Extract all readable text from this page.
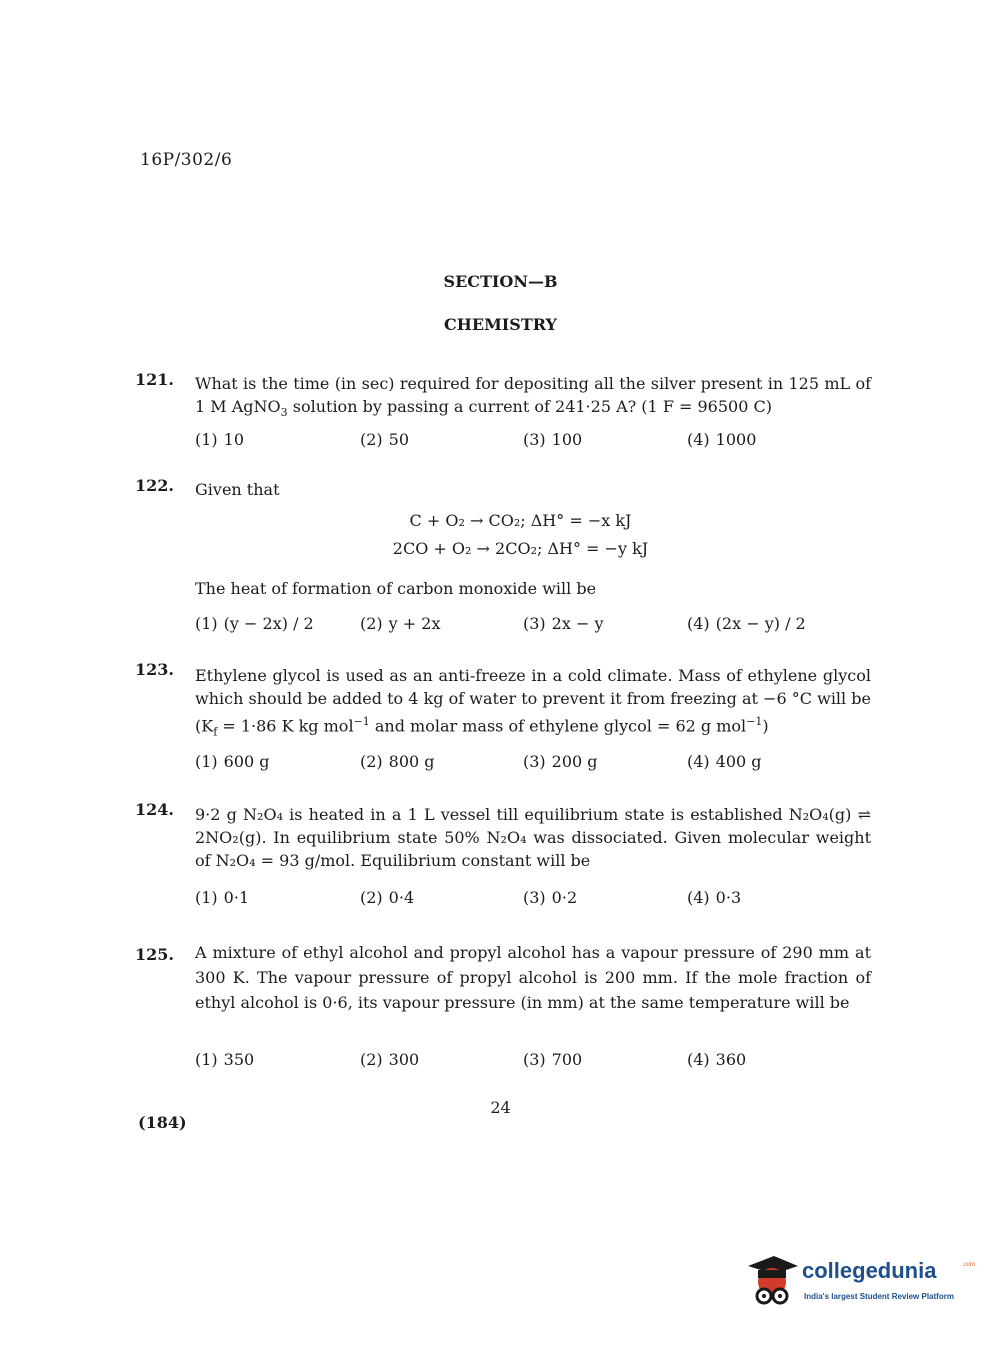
16P/302/6
SECTION—B
CHEMISTRY
121. What is the time (in sec) required for depositing all the silver present in 125 mL of 1 M AgNO$_3$ solution by passing a current of 241·25 A? (1 F = 96500 C)
(1) 10	(2) 50	(3) 100	(4) 1000
122. Given that
C + O₂ → CO₂; ΔH° = −x kJ
2CO + O₂ → 2CO₂; ΔH° = −y kJ
The heat of formation of carbon monoxide will be
(1) (y − 2x) / 2	(2) y + 2x	(3) 2x − y	(4) (2x − y) / 2
123. Ethylene glycol is used as an anti-freeze in a cold climate. Mass of ethylene glycol which should be added to 4 kg of water to prevent it from freezing at −6 °C will be ($K_f = 1\cdot 86$ K kg mol$^{-1}$ and molar mass of ethylene glycol = 62 g mol$^{-1}$)
(1) 600 g	(2) 800 g	(3) 200 g	(4) 400 g
124. 9·2 g N₂O₄ is heated in a 1 L vessel till equilibrium state is established N₂O₄(g) ⇌ 2NO₂(g). In equilibrium state 50% N₂O₄ was dissociated. Given molecular weight of N₂O₄ = 93 g/mol. Equilibrium constant will be
(1) 0·1	(2) 0·4	(3) 0·2	(4) 0·3
125. A mixture of ethyl alcohol and propyl alcohol has a vapour pressure of 290 mm at 300 K. The vapour pressure of propyl alcohol is 200 mm. If the mole fraction of ethyl alcohol is 0·6, its vapour pressure (in mm) at the same temperature will be
(1) 350	(2) 300	(3) 700	(4) 360
24
(184)
collegedunia	.com
India's largest Student Review Platform
